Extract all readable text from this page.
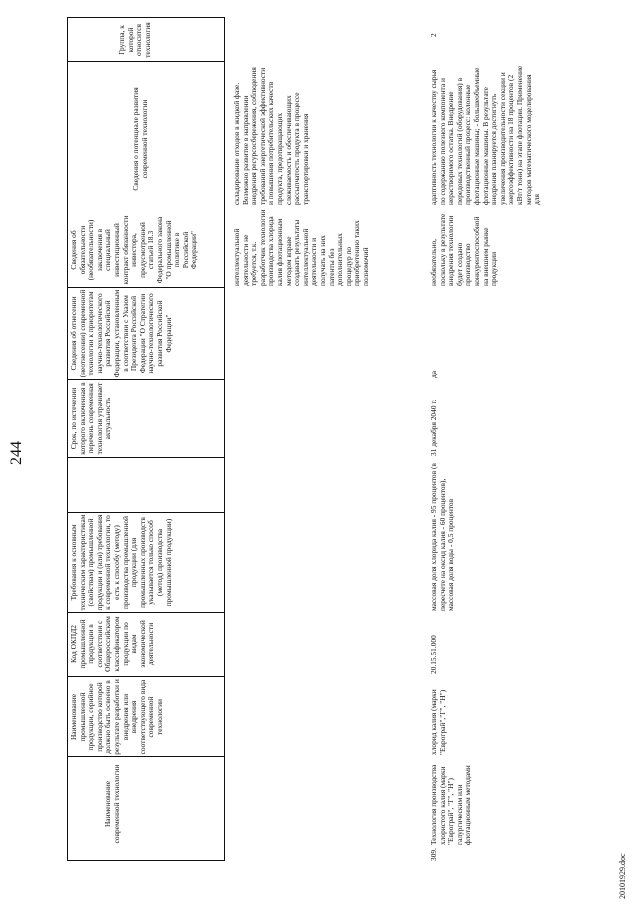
244
Наименование современной технологии
Наименование промышленной продукции, серийное производство которой должно быть освоено в результате разработки и внедрения или внедрения соответствующего вида современной технологии
Код ОКПД2 промышленной продукции в соответствии с Общероссийским классификатором продукции по видам экономической деятельности
Требования к основным техническим характеристикам (свойствам) промышленной продукции и (или) требования к современной технологии, то есть к способу (методу) производства промышленной продукции (для промышленных производств указывается только способ (метод) производства промышленной продукции)
Срок, по истечении которого включенная в перечень современная технология утрачивает актуальность
Сведения об отнесении (неотнесении) современной технологии к приоритетам научно-технологического развития Российской Федерации, установленным в соответствии с Указом Президента Российской Федерации "О Стратегии научно-технологического развития Российской Федерации"
Сведения об обязательности (необязательности) заключения в специальный инвестиционный контракт обязанности инвестора, предусмотренной статьей 18.3 Федерального закона "О промышленной политике в Российской Федерации"
Сведения о потенциале развития современной технологии
Группа, к которой относится технология
интеллектуальной деятельности не требуется, т.к. разработчик технологии производства хлорида калия флотационным методом вправе создавать результаты интеллектуальной деятельности и получать на них патенты без дополнительных процедур по приобретению таких полномочий
складирование отходов в жидкой фазе. Возможно развитие в направлении внедрения ресурсосбережения, соблюдения требований энергетической эффективности и повышения потребительских качеств продукта, предотвращающих слеживаемость и обеспечивающих рассыпчатость продукта в процессе транспортировки и хранения
309.
Технология производства хлористого калия (марки "Еврограй", "Г", "Н") галургическим или флотационным методами
хлорид калия (марки "Еврограй","Г", "Н")
20.15.51.000
массовая доля хлорида калия - 95 процентов (в пересчете на оксид калия - 60 процентов), массовая доля воды - 0,5 процентов
31 декабря 2040 г.
да
необязательно, поскольку в результате внедрения технологии будет создано производство конкурентоспособной на внешнем рынке продукции
адаптивность технологии к качеству сырья по содержанию полезного компонента и нерастворимого остатка. Внедрение передовых технологий (оборудования) в производственный процесс: колонные флотационные машины; - большеобъемные флотационные машины. В результате внедрения планируется достигнуть увеличения производительности секции и энергоэффективности на 18 процентов (2 кВт/т тонн) на этапе флотации. Применение методов математического моделирования для
2
20101929.doc
